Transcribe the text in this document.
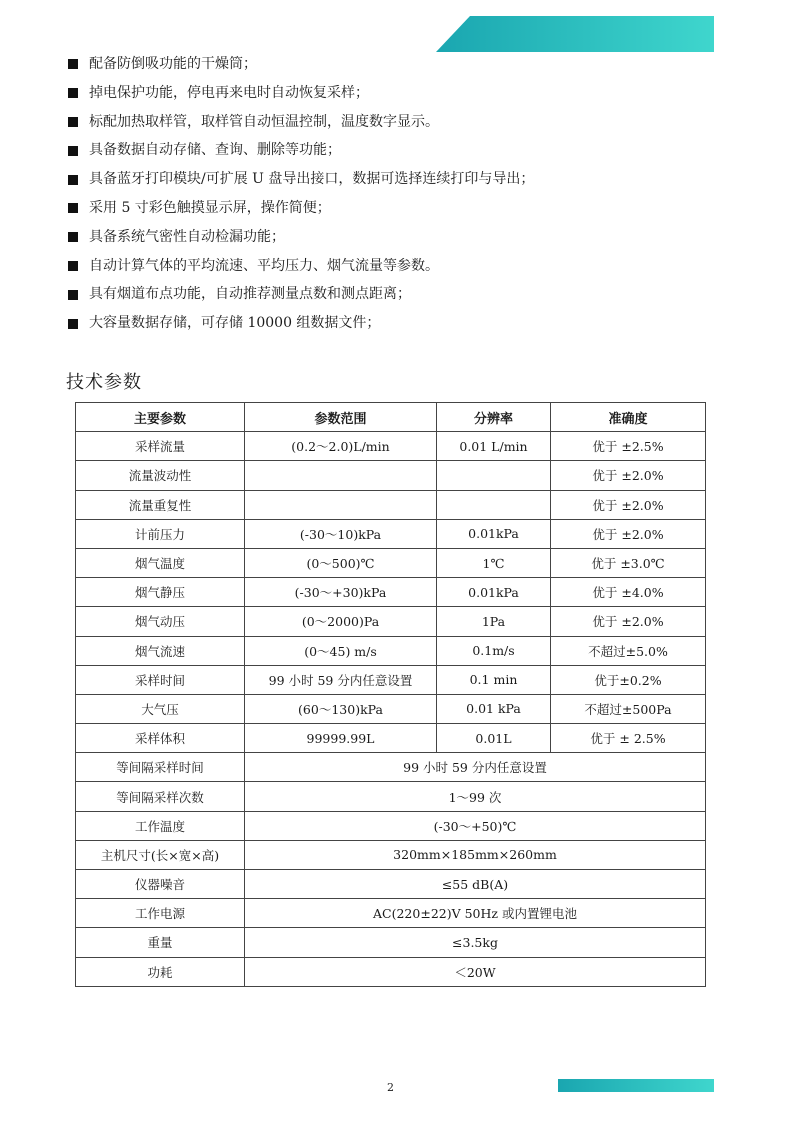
配备防倒吸功能的干燥筒；
掉电保护功能，停电再来电时自动恢复采样；
标配加热取样管，取样管自动恒温控制，温度数字显示。
具备数据自动存储、查询、删除等功能；
具备蓝牙打印模块/可扩展 U 盘导出接口，数据可选择连续打印与导出；
采用 5 寸彩色触摸显示屏，操作简便；
具备系统气密性自动检漏功能；
自动计算气体的平均流速、平均压力、烟气流量等参数。
具有烟道布点功能，自动推荐测量点数和测点距离；
大容量数据存储，可存储 10000 组数据文件；
技术参数
主要参数	参数范围	分辨率	准确度
采样流量	(0.2～2.0)L/min	0.01 L/min	优于 ±2.5%
流量波动性			优于 ±2.0%
流量重复性			优于 ±2.0%
计前压力	(-30～10)kPa	0.01kPa	优于 ±2.0%
烟气温度	(0～500)℃	1℃	优于 ±3.0℃
烟气静压	(-30～+30)kPa	0.01kPa	优于 ±4.0%
烟气动压	(0～2000)Pa	1Pa	优于 ±2.0%
烟气流速	(0～45) m/s	0.1m/s	不超过±5.0%
采样时间	99 小时 59 分内任意设置	0.1 min	优于±0.2%
大气压	(60～130)kPa	0.01 kPa	不超过±500Pa
采样体积	99999.99L	0.01L	优于 ± 2.5%
等间隔采样时间	99 小时 59 分内任意设置		
等间隔采样次数	1～99 次		
工作温度	(-30～+50)℃		
主机尺寸(长×宽×高)	320mm×185mm×260mm		
仪器噪音	≤55 dB(A)		
工作电源	AC(220±22)V 50Hz 或内置锂电池		
重量	≤3.5kg		
功耗	＜20W		
2
